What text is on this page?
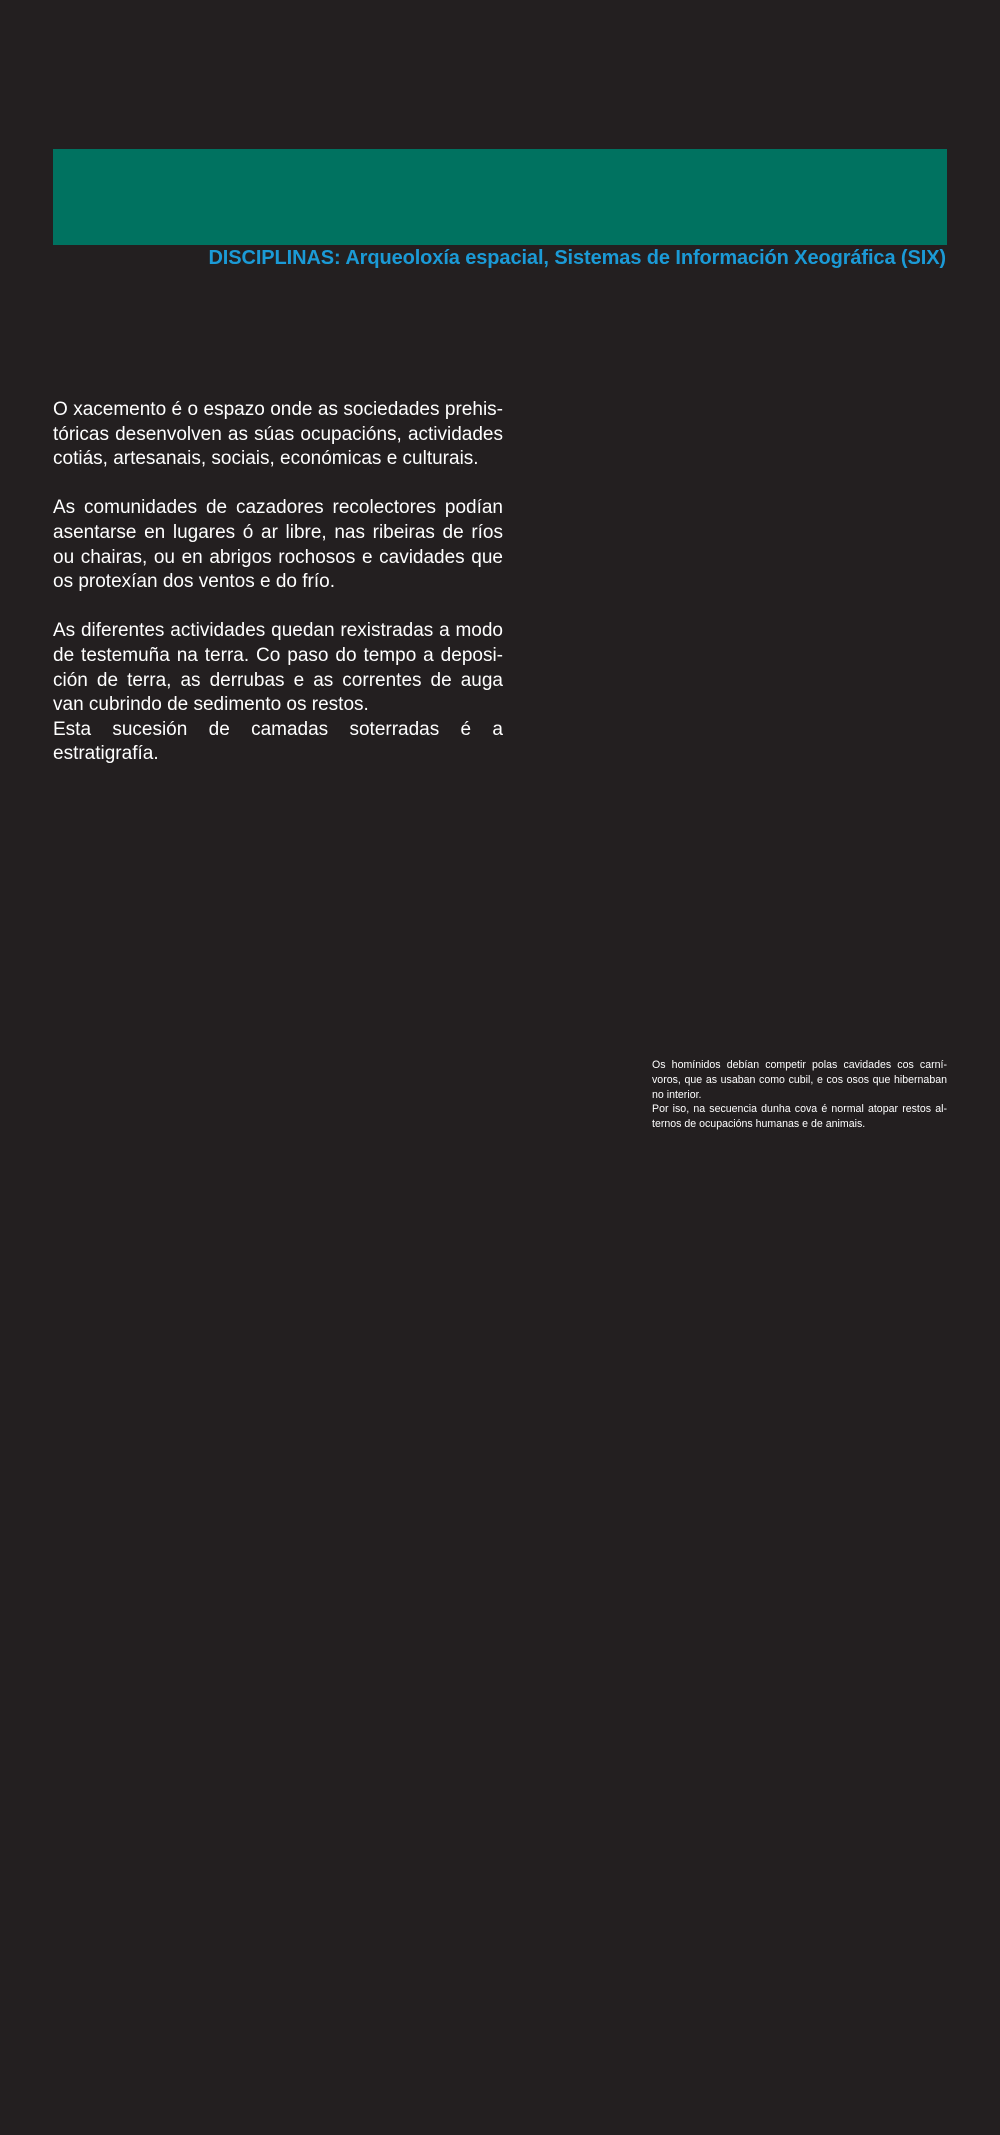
DISCIPLINAS: Arqueoloxía espacial, Sistemas de Información Xeográfica (SIX)

O xacemento é o espazo onde as sociedades prehistóricas desenvolven as súas ocupacións, actividades cotiás, artesanais, sociais, económicas e culturais.

As comunidades de cazadores recolectores podían asentarse en lugares ó ar libre, nas ribeiras de ríos ou chairas, ou en abrigos rochosos e cavidades que os protexían dos ventos e do frío.

As diferentes actividades quedan rexistradas a modo de testemuña na terra. Co paso do tempo a deposición de terra, as derrubas e as correntes de auga van cubrindo de sedimento os restos.

Esta sucesión de camadas soterradas é a estratigrafía.

Os homínidos debían competir polas cavidades cos carnívoros, que as usaban como cubil, e cos osos que hibernaban no interior.

Por iso, na secuencia dunha cova é normal atopar restos alternos de ocupacións humanas e de animais.
